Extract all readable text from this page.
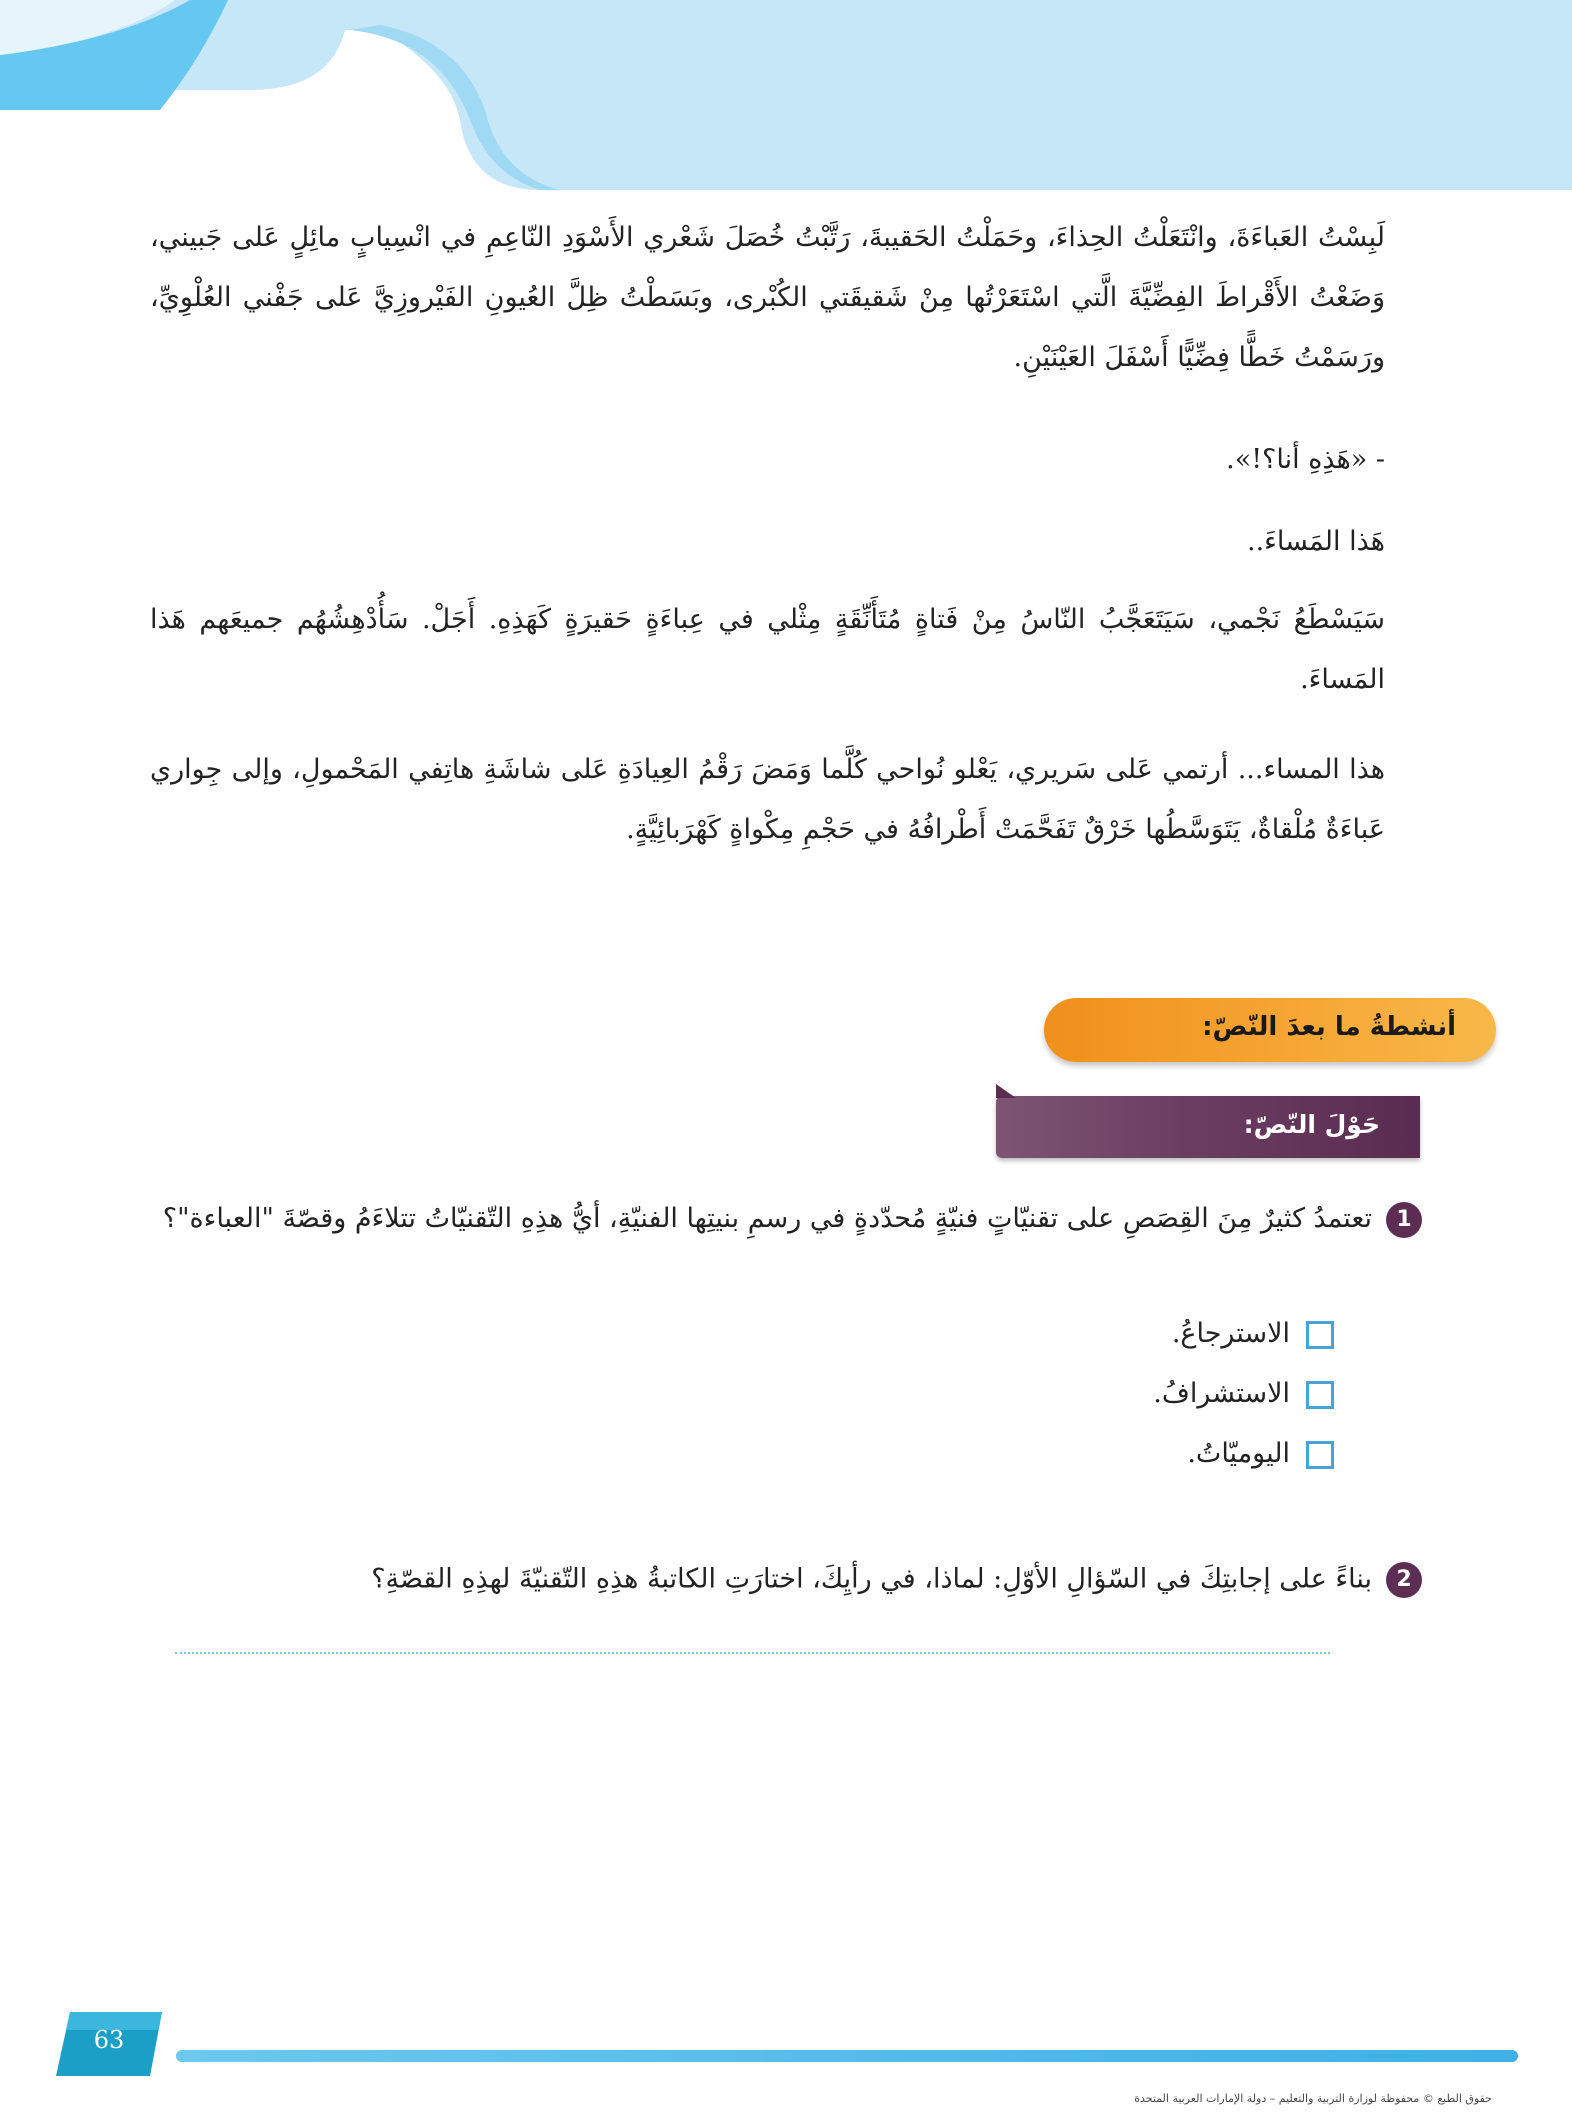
لَبِسْتُ العَباءَةَ، وانْتَعَلْتُ الحِذاءَ، وحَمَلْتُ الحَقيبةَ، رَتَّبْتُ خُصَلَ شَعْري الأَسْوَدِ النّاعِمِ في انْسِيابٍ مائِلٍ عَلى جَبيني، وَضَعْتُ الأَقْراطَ الفِضِّيَّةَ الَّتي اسْتَعَرْتُها مِنْ شَقيقَتي الكُبْرى، وبَسَطْتُ ظِلَّ العُيونِ الفَيْروزِيَّ عَلى جَفْني العُلْوِيِّ، ورَسَمْتُ خَطًّا فِضِّيًّا أَسْفَلَ العَيْنَيْنِ.
- «هَذِهِ أنا؟!».
هَذا المَساءَ..
سَيَسْطَعُ نَجْمي، سَيَتَعَجَّبُ النّاسُ مِنْ فَتاةٍ مُتَأَنِّقَةٍ مِثْلي في عِباءَةٍ حَقيرَةٍ كَهَذِهِ. أَجَلْ. سَأُدْهِشُهُم جميعَهم هَذا المَساءَ.
هذا المساء... أرتمي عَلى سَريري، يَعْلو نُواحي كُلَّما وَمَضَ رَقْمُ العِيادَةِ عَلى شاشَةِ هاتِفي المَحْمولِ، وإلى جِواري عَباءَةٌ مُلْقاةٌ، يَتَوَسَّطُها خَرْقٌ تَفَحَّمَتْ أَطْرافُهُ في حَجْمِ مِكْواةٍ كَهْرَبائِيَّةٍ.
أنشطةُ ما بعدَ النّصّ:
حَوْلَ النّصّ:
1تعتمدُ كثيرٌ مِنَ القِصَصِ على تقنيّاتٍ فنيّةٍ مُحدّدةٍ في رسمِ بنيتِها الفنيّةِ، أيُّ هذِهِ التّقنيّاتُ تتلاءَمُ وقصّةَ "العباءة"؟
الاسترجاعُ.
الاستشرافُ.
اليوميّاتُ.
2بناءً على إجابتِكَ في السّؤالِ الأوّلِ: لماذا، في رأيِكَ، اختارَتِ الكاتبةُ هذِهِ التّقنيّةَ لهذِهِ القصّةِ؟
63
حقوق الطبع © محفوظة لوزارة التربية والتعليم – دولة الإمارات العربية المتحدة
